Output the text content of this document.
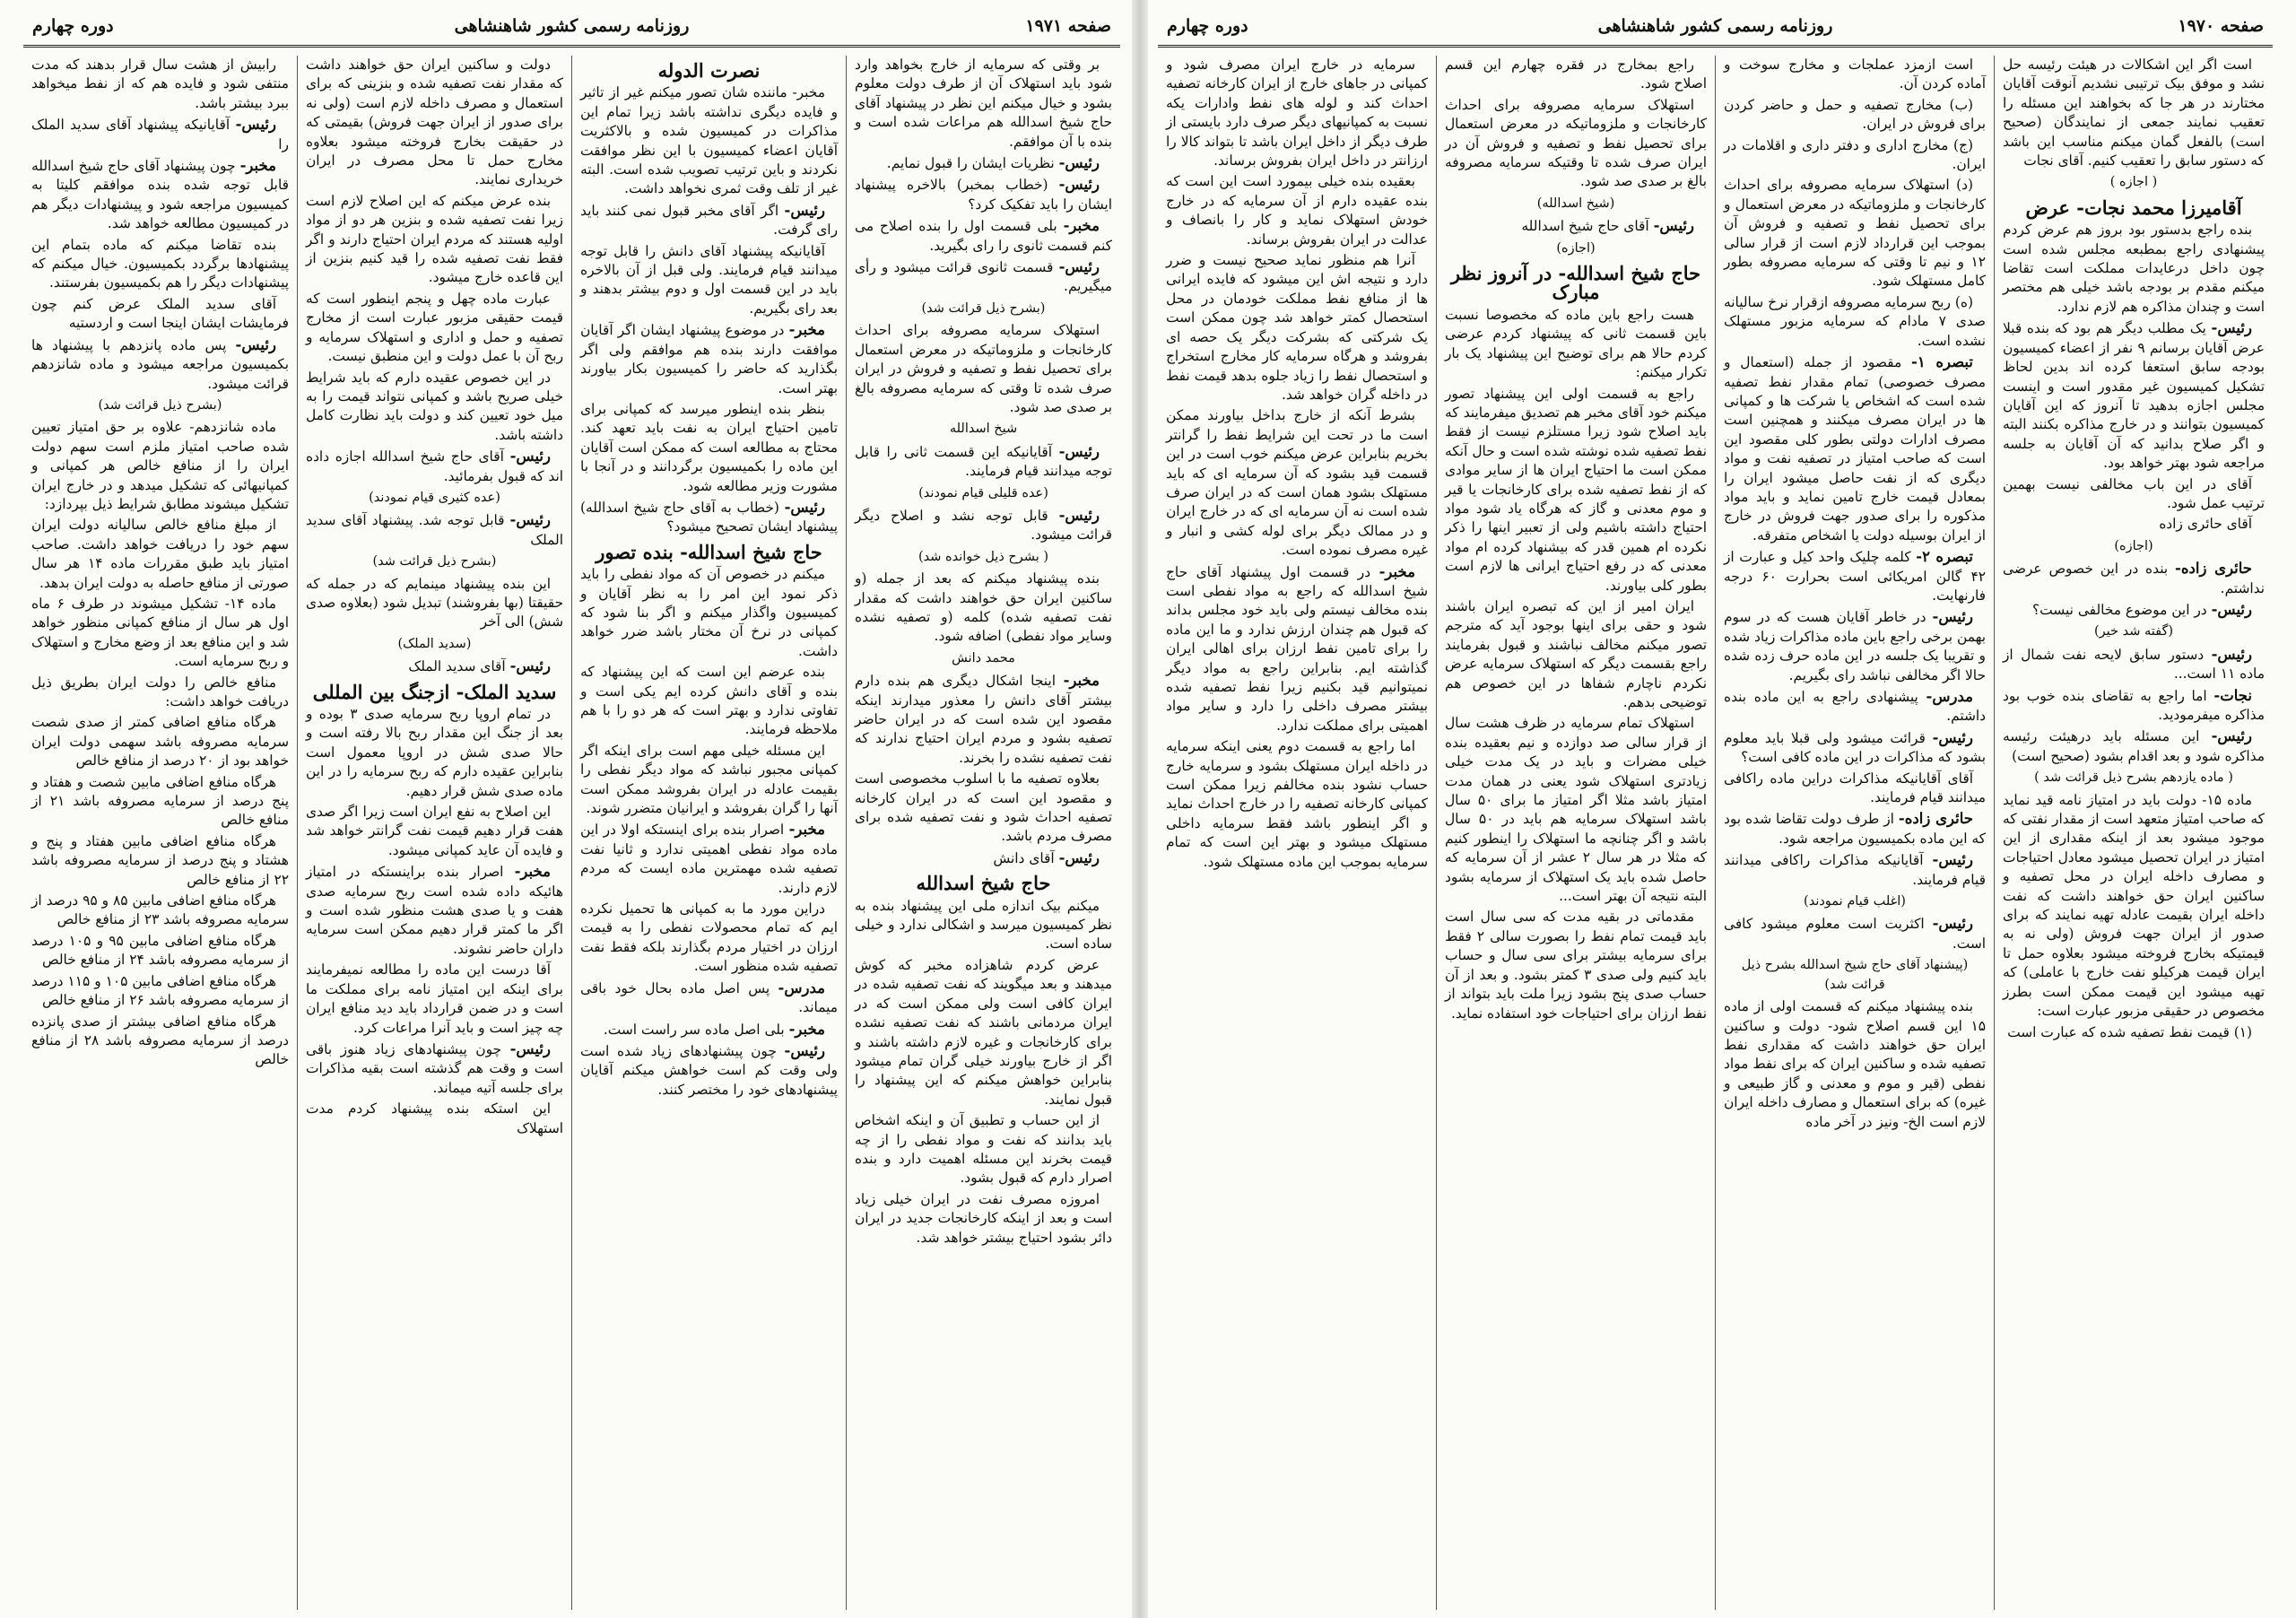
صفحه ۱۹۷۱
روزنامه رسمی کشور شاهنشاهی
دوره چهارم

بر وقتی که سرمایه از خارج بخواهد وارد شود باید استهلاک آن از طرف دولت معلوم بشود و خیال میکنم این نظر در پیشنهاد آقای حاج شیخ اسدالله هم مراعات شده است و بنده با آن موافقم.

رئیس- نظریات ایشان را قبول نمایم.

رئیس- (خطاب بمخبر) بالاخره پیشنهاد ایشان را باید تفکیک کرد؟

مخبر- بلی قسمت اول را بنده اصلاح می کنم قسمت ثانوی را رای بگیرید.

رئیس- قسمت ثانوی قرائت میشود و رأی میگیریم.

(بشرح ذیل قرائت شد)

استهلاک سرمایه مصروفه برای احداث کارخانجات و ملزوماتیکه در معرض استعمال برای تحصیل نفط و تصفیه و فروش در ایران صرف شده تا وقتی که سرمایه مصروفه بالغ بر صدی صد شود.

شیخ اسدالله

رئیس- آقایانیکه این قسمت ثانی را قابل توجه میدانند قیام فرمایند.

(عده قلیلی قیام نمودند)

رئیس- قابل توجه نشد و اصلاح دیگر قرائت میشود.

( بشرح ذیل خوانده شد)

بنده پیشنهاد میکنم که بعد از جمله (و ساکنین ایران حق خواهند داشت که مقدار نفت تصفیه شده) کلمه (و تصفیه نشده وسایر مواد نفطی) اضافه شود.

محمد دانش

مخبر- اینجا اشکال دیگری هم بنده دارم بیشتر آقای دانش را معذور میدارند اینکه مقصود این شده است که در ایران حاضر تصفیه بشود و مردم ایران احتیاج ندارند که نفت تصفیه نشده را بخرند.

بعلاوه تصفیه ما با اسلوب مخصوصی است و مقصود این است که در ایران کارخانه تصفیه احداث شود و نفت تصفیه شده برای مصرف مردم باشد.

رئیس- آقای دانش

حاج شیخ اسدالله

میکنم بیک اندازه ملی این پیشنهاد بنده به نظر کمیسیون میرسد و اشکالی ندارد و خیلی ساده است.

عرض کردم شاهزاده مخبر که کوش میدهند و بعد میگویند که نفت تصفیه شده در ایران کافی است ولی ممکن است که در ایران مردمانی باشند که نفت تصفیه نشده برای کارخانجات و غیره لازم داشته باشند و اگر از خارج بیاورند خیلی گران تمام میشود بنابراین خواهش میکنم که این پیشنهاد را قبول نمایند.

از این حساب و تطبیق آن و اینکه اشخاص باید بدانند که نفت و مواد نفطی را از چه قیمت بخرند این مسئله اهمیت دارد و بنده اصرار دارم که قبول بشود.

امروزه مصرف نفت در ایران خیلی زیاد است و بعد از اینکه کارخانجات جدید در ایران دائر بشود احتیاج بیشتر خواهد شد.

نصرت الدوله

مخبر- ماننده شان تصور میکنم غیر از تاثیر و فایده دیگری نداشته باشد زیرا تمام این مذاکرات در کمیسیون شده و بالاکثریت آقایان اعضاء کمیسیون با این نظر موافقت نکردند و باین ترتیب تصویب شده است. البته غیر از تلف وقت ثمری نخواهد داشت.

رئیس- اگر آقای مخبر قبول نمی کنند باید رای گرفت.

آقایانیکه پیشنهاد آقای دانش را قابل توجه میدانند قیام فرمایند. ولی قبل از آن بالاخره باید در این قسمت اول و دوم بیشتر بدهند و بعد رای بگیریم.

مخبر- در موضوع پیشنهاد ایشان اگر آقایان موافقت دارند بنده هم موافقم ولی اگر بگذارید که حاضر را کمیسیون بکار بیاورند بهتر است.

بنظر بنده اینطور میرسد که کمپانی برای تامین احتیاج ایران به نفت باید تعهد کند. محتاج به مطالعه است که ممکن است آقایان این ماده را بکمیسیون برگردانند و در آنجا با مشورت وزیر مطالعه شود.

رئیس- (خطاب به آقای حاج شیخ اسدالله) پیشنهاد ایشان تصحیح میشود؟

حاج شیخ اسدالله- بنده تصور

میکنم در خصوص آن که مواد نفطی را باید ذکر نمود این امر را به نظر آقایان و کمیسیون واگذار میکنم و اگر بنا شود که کمپانی در نرخ آن مختار باشد ضرر خواهد داشت.

بنده عرضم این است که این پیشنهاد که بنده و آقای دانش کرده ایم یکی است و تفاوتی ندارد و بهتر است که هر دو را با هم ملاحظه فرمایند.

این مسئله خیلی مهم است برای اینکه اگر کمپانی مجبور نباشد که مواد دیگر نفطی را بقیمت عادله در ایران بفروشد ممکن است آنها را گران بفروشد و ایرانیان متضرر شوند.

مخبر- اصرار بنده برای اینستکه اولا در این ماده مواد نفطی اهمیتی ندارد و ثانیا نفت تصفیه شده مهمترین ماده ایست که مردم لازم دارند.

دراین مورد ما به کمپانی ها تحمیل نکرده ایم که تمام محصولات نفطی را به قیمت ارزان در اختیار مردم بگذارند بلکه فقط نفت تصفیه شده منظور است.

مدرس- پس اصل ماده بحال خود باقی میماند.

مخبر- بلی اصل ماده سر راست است.

رئیس- چون پیشنهادهای زیاد شده است ولی وقت کم است خواهش میکنم آقایان پیشنهادهای خود را مختصر کنند.

دولت و ساکنین ایران حق خواهند داشت که مقدار نفت تصفیه شده و بنزینی که برای استعمال و مصرف داخله لازم است (ولی نه برای صدور از ایران جهت فروش) بقیمتی که در حقیقت بخارج فروخته میشود بعلاوه مخارج حمل تا محل مصرف در ایران خریداری نمایند.

بنده عرض میکنم که این اصلاح لازم است زیرا نفت تصفیه شده و بنزین هر دو از مواد اولیه هستند که مردم ایران احتیاج دارند و اگر فقط نفت تصفیه شده را قید کنیم بنزین از این قاعده خارج میشود.

عبارت ماده چهل و پنجم اینطور است که قیمت حقیقی مزبور عبارت است از مخارج تصفیه و حمل و اداری و استهلاک سرمایه و ربح آن با عمل دولت و این منطبق نیست.

در این خصوص عقیده دارم که باید شرایط خیلی صریح باشد و کمپانی نتواند قیمت را به میل خود تعیین کند و دولت باید نظارت کامل داشته باشد.

رئیس- آقای حاج شیخ اسدالله اجازه داده اند که قبول بفرمائید.

(عده کثیری قیام نمودند)

رئیس- قابل توجه شد. پیشنهاد آقای سدید الملک

(بشرح ذیل قرائت شد)

این بنده پیشنهاد مینمایم که در جمله که حقیقتا (بها بفروشند) تبدیل شود (بعلاوه صدی شش) الی آخر

(سدید الملک)

رئیس- آقای سدید الملک

سدید الملک- ازجنگ بین المللی

در تمام اروپا ربح سرمایه صدی ۳ بوده و بعد از جنگ این مقدار ربح بالا رفته است و حالا صدی شش در اروپا معمول است بنابراین عقیده دارم که ربح سرمایه را در این ماده صدی شش قرار دهیم.

این اصلاح به نفع ایران است زیرا اگر صدی هفت قرار دهیم قیمت نفت گرانتر خواهد شد و فایده آن عاید کمپانی میشود.

مخبر- اصرار بنده براینستکه در امتیاز هائیکه داده شده است ربح سرمایه صدی هفت و یا صدی هشت منظور شده است و اگر ما کمتر قرار دهیم ممکن است سرمایه داران حاضر نشوند.

آقا درست این ماده را مطالعه نمیفرمایند برای اینکه این امتیاز نامه برای مملکت ما است و در ضمن قرارداد باید دید منافع ایران چه چیز است و باید آنرا مراعات کرد.

رئیس- چون پیشنهادهای زیاد هنوز باقی است و وقت هم گذشته است بقیه مذاکرات برای جلسه آتیه میماند.

این استکه بنده پیشنهاد کردم مدت استهلاک

رابیش از هشت سال قرار بدهند که مدت منتفی شود و فایده هم که از نفط میخواهد ببرد بیشتر باشد.

رئیس- آقایانیکه پیشنهاد آقای سدید الملک را

مخبر- چون پیشنهاد آقای حاج شیخ اسدالله قابل توجه شده بنده موافقم کلیتا به کمیسیون مراجعه شود و پیشنهادات دیگر هم در کمیسیون مطالعه خواهد شد.

بنده تقاضا میکنم که ماده بتمام این پیشنهادها برگردد بکمیسیون. خیال میکنم که پیشنهادات دیگر را هم بکمیسیون بفرستند.

آقای سدید الملک عرض کنم چون فرمایشات ایشان اینجا است و اردستیه

رئیس- پس ماده پانزدهم با پیشنهاد ها بکمیسیون مراجعه میشود و ماده شانزدهم قرائت میشود.

(بشرح ذیل قرائت شد)

ماده شانزدهم- علاوه بر حق امتیاز تعیین شده صاحب امتیاز ملزم است سهم دولت ایران را از منافع خالص هر کمپانی و کمپانیهائی که تشکیل میدهد و در خارج ایران تشکیل میشوند مطابق شرایط ذیل بپردازد:

از مبلغ منافع خالص سالیانه دولت ایران سهم خود را دریافت خواهد داشت. صاحب امتیاز باید طبق مقررات ماده ۱۴ هر سال صورتی از منافع حاصله به دولت ایران بدهد.

ماده ۱۴- تشکیل میشوند در طرف ۶ ماه اول هر سال از منافع کمپانی منظور خواهد شد و این منافع بعد از وضع مخارج و استهلاک و ربح سرمایه است.

منافع خالص را دولت ایران بطریق ذیل دریافت خواهد داشت:

هرگاه منافع اضافی کمتر از صدی شصت سرمایه مصروفه باشد سهمی دولت ایران خواهد بود از ۲۰ درصد از منافع خالص

هرگاه منافع اضافی مابین شصت و هفتاد و پنج درصد از سرمایه مصروفه باشد ۲۱ از منافع خالص

هرگاه منافع اضافی مابین هفتاد و پنج و هشتاد و پنج درصد از سرمایه مصروفه باشد ۲۲ از منافع خالص

هرگاه منافع اضافی مابین ۸۵ و ۹۵ درصد از سرمایه مصروفه باشد ۲۳ از منافع خالص

هرگاه منافع اضافی مابین ۹۵ و ۱۰۵ درصد از سرمایه مصروفه باشد ۲۴ از منافع خالص

هرگاه منافع اضافی مابین ۱۰۵ و ۱۱۵ درصد از سرمایه مصروفه باشد ۲۶ از منافع خالص

هرگاه منافع اضافی بیشتر از صدی پانزده درصد از سرمایه مصروفه باشد ۲۸ از منافع خالص

صفحه ۱۹۷۰
روزنامه رسمی کشور شاهنشاهی
دوره چهارم

است اگر این اشکالات در هیئت رئیسه حل نشد و موفق بیک ترتیبی نشدیم آنوقت آقایان مختارند در هر جا که بخواهند این مسئله را تعقیب نمایند جمعی از نمایندگان (صحیح است) بالفعل گمان میکنم مناسب این باشد که دستور سابق را تعقیب کنیم. آقای نجات

( اجازه )

آقامیرزا محمد نجات- عرض

بنده راجع بدستور بود بروز هم عرض کردم پیشنهادی راجع بمطبعه مجلس شده است چون داخل درعایدات مملکت است تقاضا میکنم مقدم بر بودجه باشد خیلی هم مختصر است و چندان مذاکره هم لازم ندارد.

رئیس- یک مطلب دیگر هم بود که بنده قبلا عرض آقایان برسانم ۹ نفر از اعضاء کمیسیون بودجه سابق استعفا کرده اند بدین لحاظ تشکیل کمیسیون غیر مقدور است و اینست مجلس اجازه بدهید تا آنروز که این آقایان کمیسیون بتوانند و در خارج مذاکره بکنند البته و اگر صلاح بدانید که آن آقایان به جلسه مراجعه شود بهتر خواهد بود.

آقای در این باب مخالفی نیست بهمین ترتیب عمل شود.

آقای حائری زاده

(اجازه)

حائری زاده- بنده در این خصوص عرضی نداشتم.

رئیس- در این موضوع مخالفی نیست؟

(گفته شد خیر)

رئیس- دستور سابق لایحه نفت شمال از ماده ۱۱ است...

نجات- اما راجع به تقاضای بنده خوب بود مذاکره میفرمودید.

رئیس- این مسئله باید درهیئت رئیسه مذاکره شود و بعد اقدام بشود (صحیح است)

( ماده یازدهم بشرح ذیل قرائت شد )

ماده ۱۵- دولت باید در امتیاز نامه قید نماید که صاحب امتیاز متعهد است از مقدار نفتی که موجود میشود بعد از اینکه مقداری از این امتیاز در ایران تحصیل میشود معادل احتیاجات و مصارف داخله ایران در محل تصفیه و ساکنین ایران حق خواهند داشت که نفت داخله ایران بقیمت عادله تهیه نمایند که برای صدور از ایران جهت فروش (ولی نه به قیمتیکه بخارج فروخته میشود بعلاوه حمل تا ایران قیمت هرکیلو نفت خارج با عاملی) که تهیه میشود این قیمت ممکن است بطرز مخصوص در حقیقی مزبور عبارت است:

(۱) قیمت نفط تصفیه شده که عبارت است

است ازمزد عملجات و مخارج سوخت و آماده کردن آن.

(ب) مخارج تصفیه و حمل و حاضر کردن برای فروش در ایران.

(ج) مخارج اداری و دفتر داری و اقلامات در ایران.

(د) استهلاک سرمایه مصروفه برای احداث کارخانجات و ملزوماتیکه در معرض استعمال و برای تحصیل نفط و تصفیه و فروش آن بموجب این قرارداد لازم است از قرار سالی ۱۲ و نیم تا وقتی که سرمایه مصروفه بطور کامل مستهلک شود.

(ه) ربح سرمایه مصروفه ازقرار نرخ سالیانه صدی ۷ مادام که سرمایه مزبور مستهلک نشده است.

تبصره ۱- مقصود از جمله (استعمال و مصرف خصوصی) تمام مقدار نفط تصفیه شده است که اشخاص یا شرکت ها و کمپانی ها در ایران مصرف میکنند و همچنین است مصرف ادارات دولتی بطور کلی مقصود این است که صاحب امتیاز در تصفیه نفت و مواد دیگری که از نفت حاصل میشود ایران را بمعادل قیمت خارج تامین نماید و باید مواد مذکوره را برای صدور جهت فروش در خارج از ایران بوسیله دولت یا اشخاص متفرقه.

تبصره ۲- کلمه چلیک واحد کیل و عبارت از ۴۲ گالن امریکائی است بحرارت ۶۰ درجه فارنهایت.

رئیس- در خاطر آقایان هست که در سوم بهمن برخی راجع باین ماده مذاکرات زیاد شده و تقریبا یک جلسه در این ماده حرف زده شده حالا اگر مخالفی نباشد رای بگیریم.

مدرس- پیشنهادی راجع به این ماده بنده داشتم.

رئیس- قرائت میشود ولی قبلا باید معلوم بشود که مذاکرات در این ماده کافی است؟

آقای آقایانیکه مذاکرات دراین ماده راکافی میدانند قیام فرمایند.

حائری زاده- از طرف دولت تقاضا شده بود که این ماده بکمیسیون مراجعه شود.

رئیس- آقایانیکه مذاکرات راکافی میدانند قیام فرمایند.

(اغلب قیام نمودند)

رئیس- اکثریت است معلوم میشود کافی است.

(پیشنهاد آقای حاج شیخ اسدالله بشرح ذیل قرائت شد)

بنده پیشنهاد میکنم که قسمت اولی از ماده ۱۵ این قسم اصلاح شود- دولت و ساکنین ایران حق خواهند داشت که مقداری نفط تصفیه شده و ساکنین ایران که برای نفط مواد نفطی (قیر و موم و معدنی و گاز طبیعی و غیره) که برای استعمال و مصارف داخله ایران لازم است الخ- ونیز در آخر ماده

راجع بمخارج در فقره چهارم این قسم اصلاح شود.

استهلاک سرمایه مصروفه برای احداث کارخانجات و ملزوماتیکه در معرض استعمال برای تحصیل نفط و تصفیه و فروش آن در ایران صرف شده تا وقتیکه سرمایه مصروفه بالغ بر صدی صد شود.

(شیخ اسدالله)

رئیس- آقای حاج شیخ اسدالله

(اجازه)

حاج شیخ اسدالله- در آنروز نظر مبارک

هست راجع باین ماده که مخصوصا نسبت باین قسمت ثانی که پیشنهاد کردم عرضی کردم حالا هم برای توضیح این پیشنهاد یک بار تکرار میکنم:

راجع به قسمت اولی این پیشنهاد تصور میکنم خود آقای مخبر هم تصدیق میفرمایند که باید اصلاح شود زیرا مستلزم نیست از فقط نفط تصفیه شده نوشته شده است و حال آنکه ممکن است ما احتیاج ایران ها از سایر موادی که از نفط تصفیه شده برای کارخانجات یا قیر و موم معدنی و گاز که هرگاه یاد شود مواد احتیاج داشته باشیم ولی از تعبیر اینها را ذکر نکرده ام همین قدر که بیشنهاد کرده ام مواد معدنی که در رفع احتیاج ایرانی ها لازم است بطور کلی بیاورند.

ایران امیر از این که تبصره ایران باشند شود و حقی برای اینها بوجود آید که مترجم تصور میکنم مخالف نباشند و قبول بفرمایند راجع بقسمت دیگر که استهلاک سرمایه عرض نکردم ناچارم شفاها در این خصوص هم توضیحی بدهم.

استهلاک تمام سرمایه در ظرف هشت سال از قرار سالی صد دوازده و نیم بعقیده بنده خیلی مضرات و باید در یک مدت خیلی زیادتری استهلاک شود یعنی در همان مدت امتیاز باشد مثلا اگر امتیاز ما برای ۵۰ سال باشد استهلاک سرمایه هم باید در ۵۰ سال باشد و اگر چنانچه ما استهلاک را اینطور کنیم که مثلا در هر سال ۲ عشر از آن سرمایه که حاصل شده باید یک استهلاک از سرمایه بشود البته نتیجه آن بهتر است...

مقدماتی در بقیه مدت که سی سال است باید قیمت تمام نفط را بصورت سالی ۲ فقط برای سرمایه بیشتر برای سی سال و حساب باید کنیم ولی صدی ۳ کمتر بشود. و بعد از آن حساب صدی پنج بشود زیرا ملت باید بتواند از نفط ارزان برای احتیاجات خود استفاده نماید.

سرمایه در خارج ایران مصرف شود و کمپانی در جاهای خارج از ایران کارخانه تصفیه احداث کند و لوله های نفط وادارات یکه نسبت به کمپانیهای دیگر صرف دارد بایستی از طرف دیگر از داخل ایران باشد تا بتواند کالا را ارزانتر در داخل ایران بفروش برساند.

بعقیده بنده خیلی بیمورد است این است که بنده عقیده دارم از آن سرمایه که در خارج خودش استهلاک نماید و کار را بانصاف و عدالت در ایران بفروش برساند.

آنرا هم منظور نماید صحیح نیست و ضرر دارد و نتیجه اش این میشود که فایده ایرانی ها از منافع نفط مملکت خودمان در محل استحصال کمتر خواهد شد چون ممکن است یک شرکتی که بشرکت دیگر یک حصه ای بفروشد و هرگاه سرمایه کار مخارج استخراج و استحصال نفط را زیاد جلوه بدهد قیمت نفط در داخله گران خواهد شد.

بشرط آنکه از خارج بداخل بیاورند ممکن است ما در تحت این شرایط نفط را گرانتر بخریم بنابراین عرض میکنم خوب است در این قسمت قید بشود که آن سرمایه ای که باید مستهلک بشود همان است که در ایران صرف شده است نه آن سرمایه ای که در خارج ایران و در ممالک دیگر برای لوله کشی و انبار و غیره مصرف نموده است.

مخبر- در قسمت اول پیشنهاد آقای حاج شیخ اسدالله که راجع به مواد نفطی است بنده مخالف نیستم ولی باید خود مجلس بداند که قبول هم چندان ارزش ندارد و ما این ماده را برای تامین نفط ارزان برای اهالی ایران گذاشته ایم. بنابراین راجع به مواد دیگر نمیتوانیم قید بکنیم زیرا نفط تصفیه شده بیشتر مصرف داخلی را دارد و سایر مواد اهمیتی برای مملکت ندارد.

اما راجع به قسمت دوم یعنی اینکه سرمایه در داخله ایران مستهلک بشود و سرمایه خارج حساب نشود بنده مخالفم زیرا ممکن است کمپانی کارخانه تصفیه را در خارج احداث نماید و اگر اینطور باشد فقط سرمایه داخلی مستهلک میشود و بهتر این است که تمام سرمایه بموجب این ماده مستهلک شود.
